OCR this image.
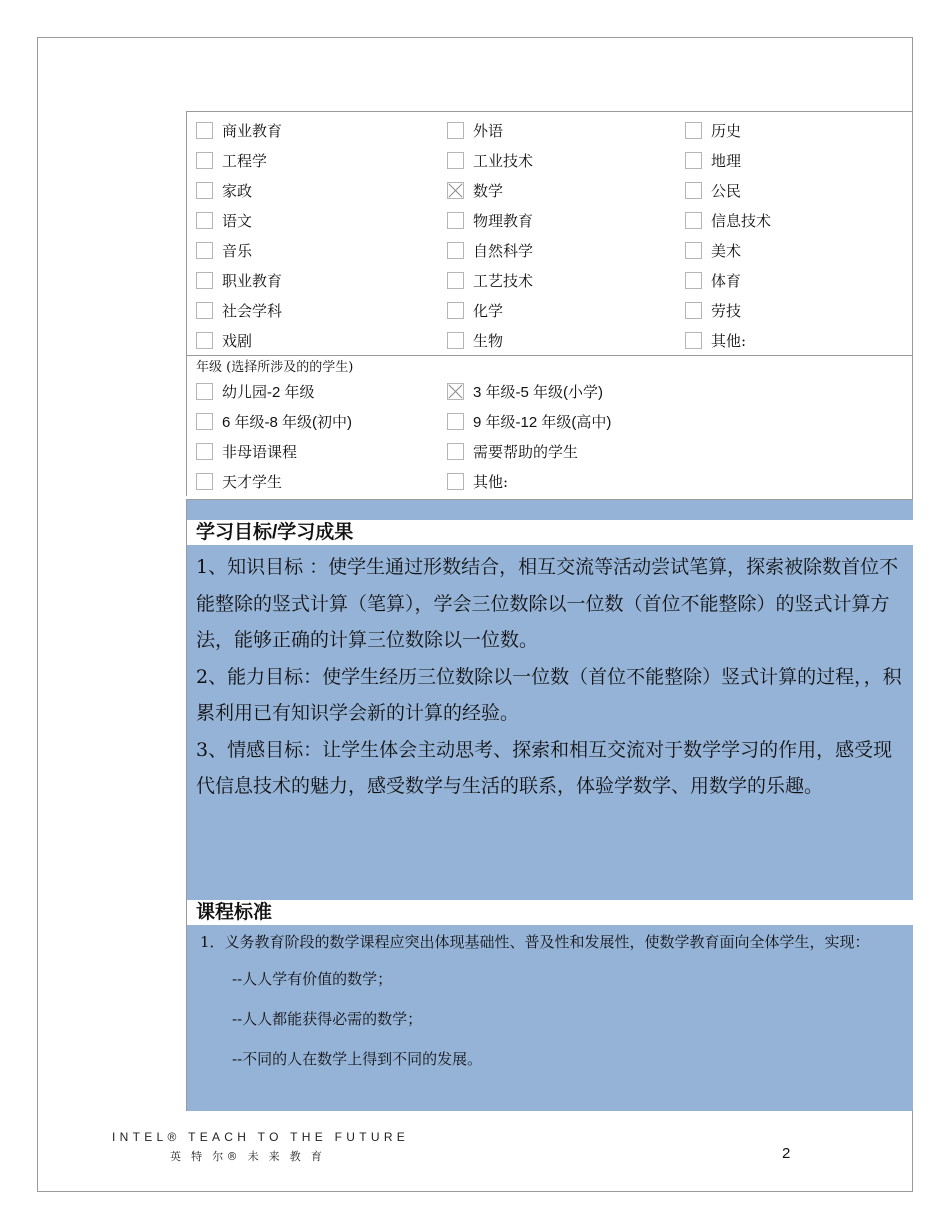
商业教育	外语	历史
工程学	工业技术	地理
家政	数学	公民
语文	物理教育	信息技术
音乐	自然科学	美术
职业教育	工艺技术	体育
社会学科	化学	劳技
戏剧	生物	其他:
年级 (选择所涉及的的学生)
幼儿园-2 年级	3 年级-5 年级(小学)
6 年级-8 年级(初中)	9 年级-12 年级(高中)
非母语课程	需要帮助的学生
天才学生	其他:
学习目标/学习成果

1、知识目标 ：使学生通过形数结合，相互交流等活动尝试笔算，探索被除数首位不能整除的竖式计算（笔算），学会三位数除以一位数（首位不能整除）的竖式计算方法，能够正确的计算三位数除以一位数。

2、能力目标：使学生经历三位数除以一位数（首位不能整除）竖式计算的过程，，积累利用已有知识学会新的计算的经验。

3、情感目标：让学生体会主动思考、探索和相互交流对于数学学习的作用，感受现代信息技术的魅力，感受数学与生活的联系，体验学数学、用数学的乐趣。

课程标准

1．义务教育阶段的数学课程应突出体现基础性、普及性和发展性，使数学教育面向全体学生，实现：

--人人学有价值的数学；

--人人都能获得必需的数学；

--不同的人在数学上得到不同的发展。

INTEL® TEACH TO THE FUTURE
英 特 尔® 未 来 教 育	2
